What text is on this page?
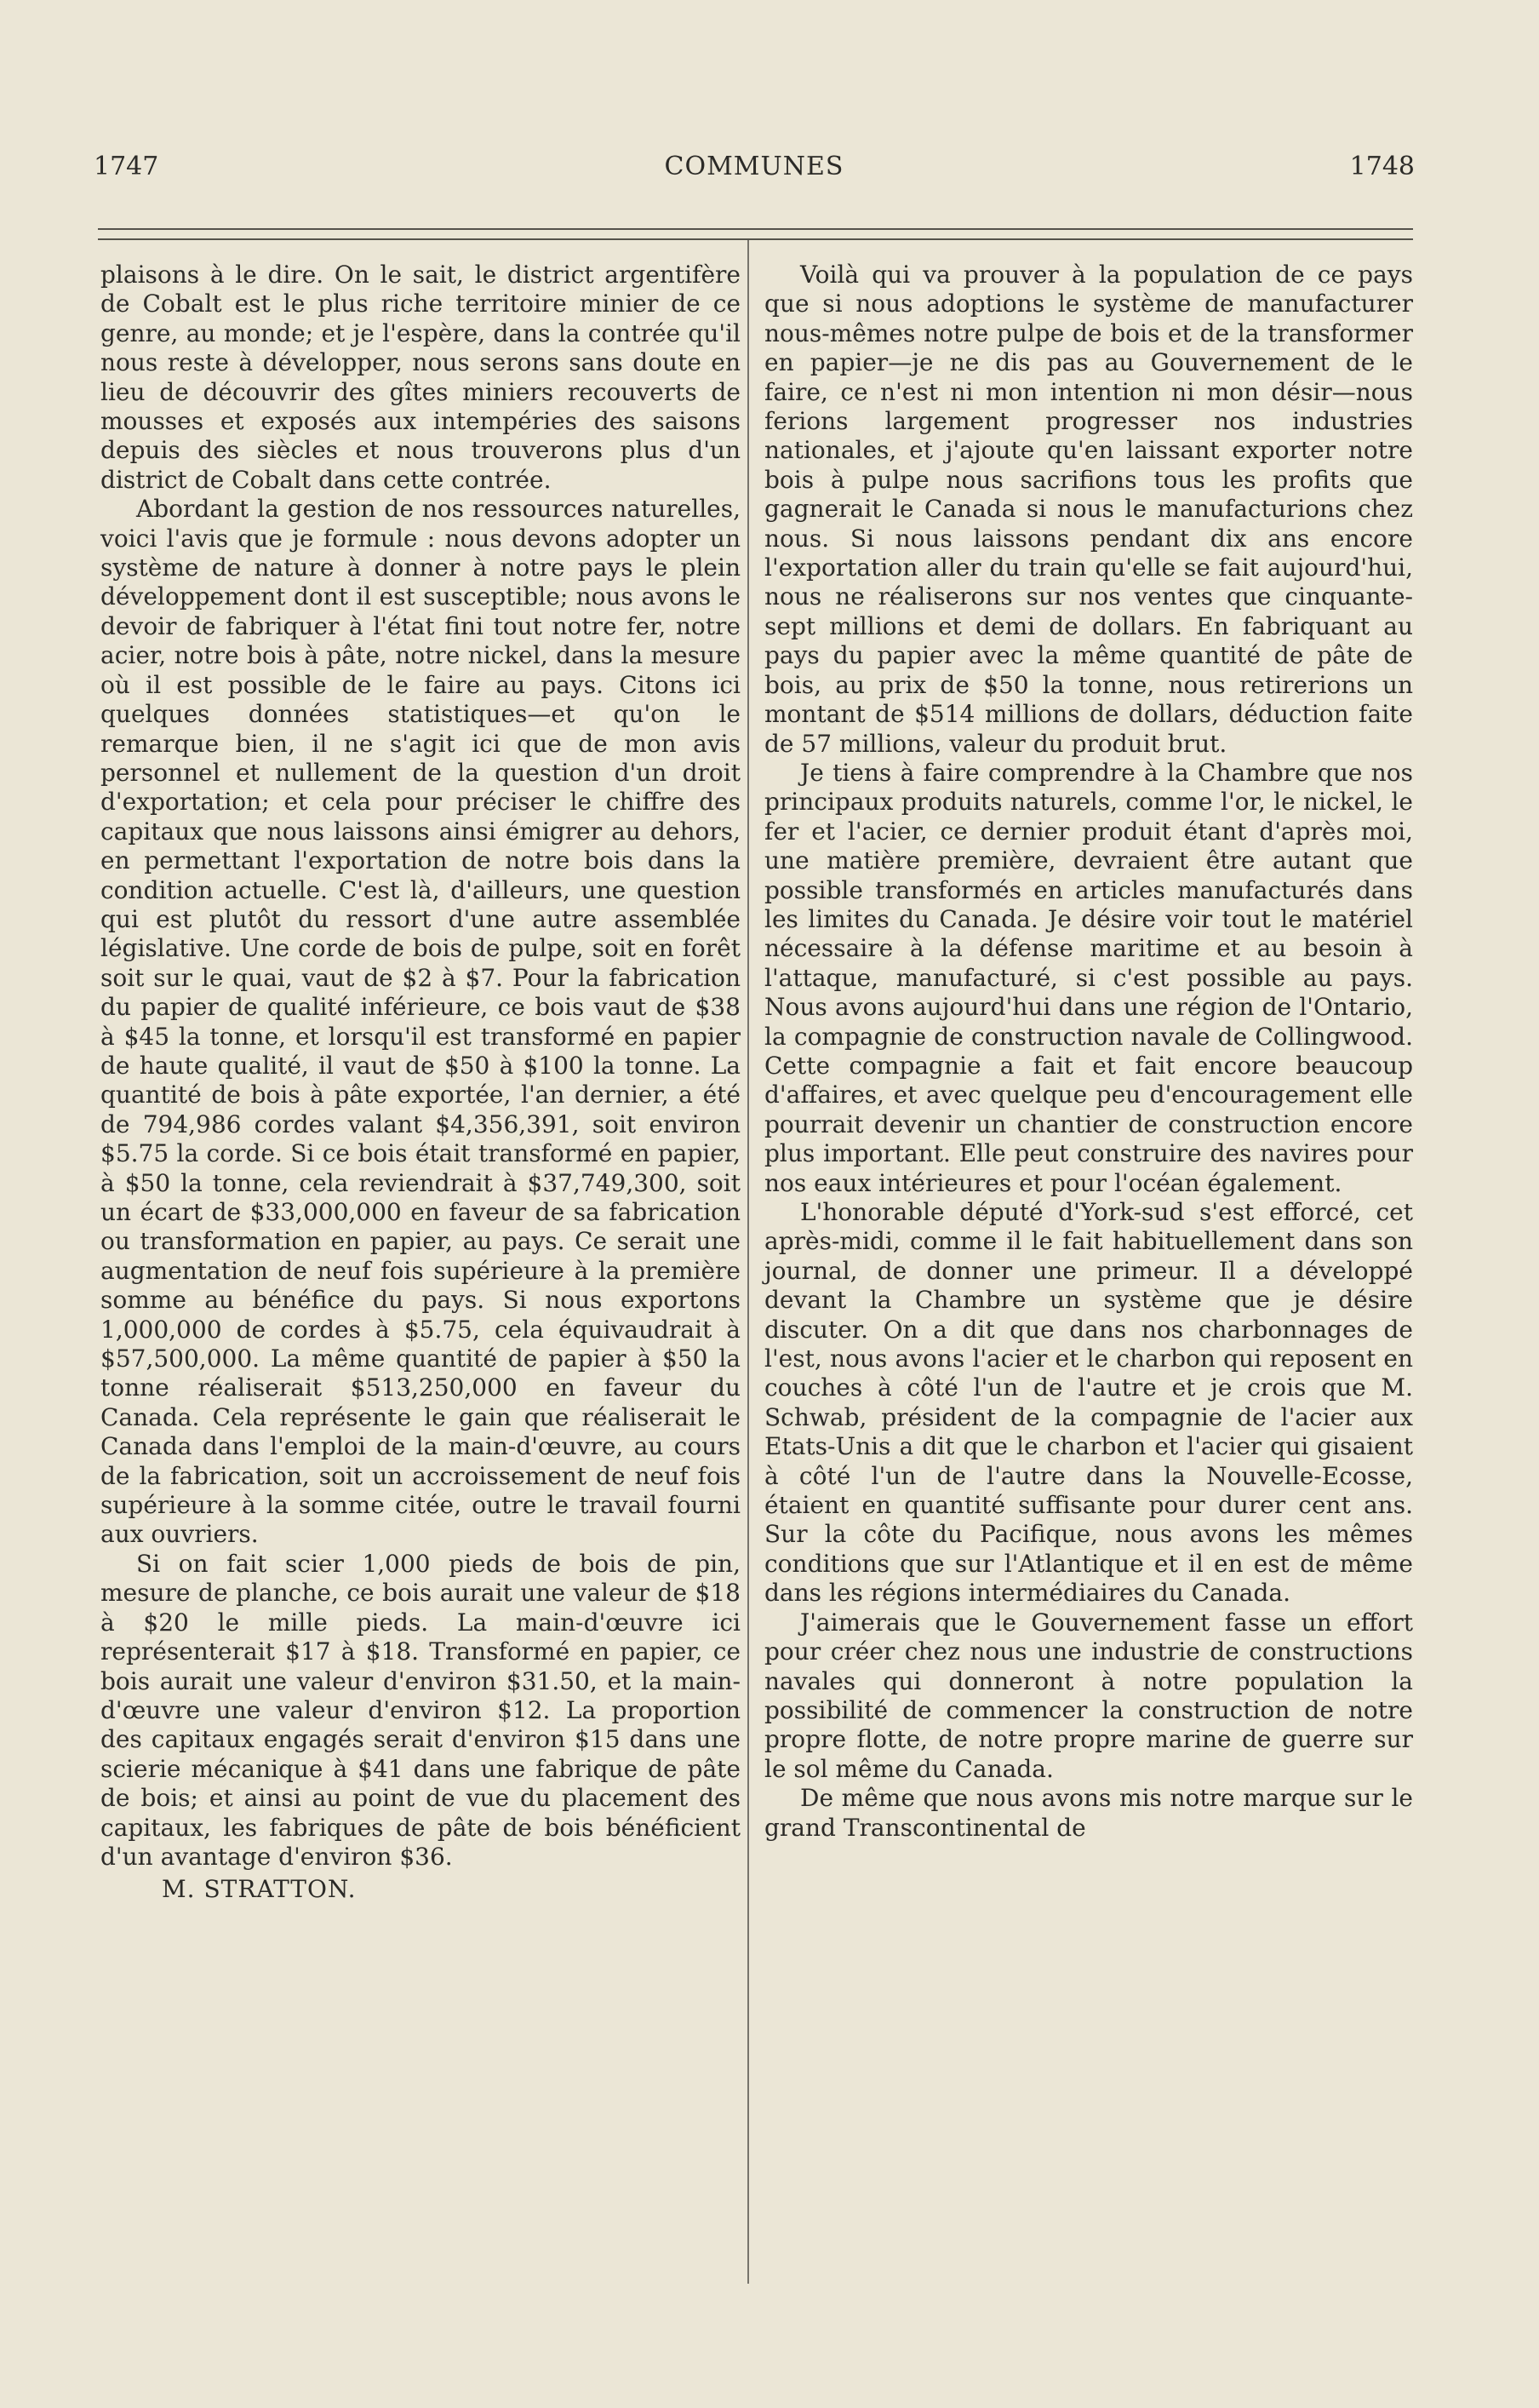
1747	COMMUNES	1748

plaisons à le dire. On le sait, le district argentifère de Cobalt est le plus riche territoire minier de ce genre, au monde; et je l'espère, dans la contrée qu'il nous reste à développer, nous serons sans doute en lieu de découvrir des gîtes miniers recouverts de mousses et exposés aux intempéries des saisons depuis des siècles et nous trouverons plus d'un district de Cobalt dans cette contrée.

Abordant la gestion de nos ressources naturelles, voici l'avis que je formule : nous devons adopter un système de nature à donner à notre pays le plein développement dont il est susceptible; nous avons le devoir de fabriquer à l'état fini tout notre fer, notre acier, notre bois à pâte, notre nickel, dans la mesure où il est possible de le faire au pays. Citons ici quelques données statistiques—et qu'on le remarque bien, il ne s'agit ici que de mon avis personnel et nullement de la question d'un droit d'exportation; et cela pour préciser le chiffre des capitaux que nous laissons ainsi émigrer au dehors, en permettant l'exportation de notre bois dans la condition actuelle. C'est là, d'ailleurs, une question qui est plutôt du ressort d'une autre assemblée législative. Une corde de bois de pulpe, soit en forêt soit sur le quai, vaut de $2 à $7. Pour la fabrication du papier de qualité inférieure, ce bois vaut de $38 à $45 la tonne, et lorsqu'il est transformé en papier de haute qualité, il vaut de $50 à $100 la tonne. La quantité de bois à pâte exportée, l'an dernier, a été de 794,986 cordes valant $4,356,391, soit environ $5.75 la corde. Si ce bois était transformé en papier, à $50 la tonne, cela reviendrait à $37,749,300, soit un écart de $33,000,000 en faveur de sa fabrication ou transformation en papier, au pays. Ce serait une augmentation de neuf fois supérieure à la première somme au bénéfice du pays. Si nous exportons 1,000,000 de cordes à $5.75, cela équivaudrait à $57,500,000. La même quantité de papier à $50 la tonne réaliserait $513,250,000 en faveur du Canada. Cela représente le gain que réaliserait le Canada dans l'emploi de la main-d'œuvre, au cours de la fabrication, soit un accroissement de neuf fois supérieure à la somme citée, outre le travail fourni aux ouvriers.

Si on fait scier 1,000 pieds de bois de pin, mesure de planche, ce bois aurait une valeur de $18 à $20 le mille pieds. La main-d'œuvre ici représenterait $17 à $18. Transformé en papier, ce bois aurait une valeur d'environ $31.50, et la main-d'œuvre une valeur d'environ $12. La proportion des capitaux engagés serait d'environ $15 dans une scierie mécanique à $41 dans une fabrique de pâte de bois; et ainsi au point de vue du placement des capitaux, les fabriques de pâte de bois bénéficient d'un avantage d'environ $36.

M. STRATTON.

Voilà qui va prouver à la population de ce pays que si nous adoptions le système de manufacturer nous-mêmes notre pulpe de bois et de la transformer en papier—je ne dis pas au Gouvernement de le faire, ce n'est ni mon intention ni mon désir—nous ferions largement progresser nos industries nationales, et j'ajoute qu'en laissant exporter notre bois à pulpe nous sacrifions tous les profits que gagnerait le Canada si nous le manufacturions chez nous. Si nous laissons pendant dix ans encore l'exportation aller du train qu'elle se fait aujourd'hui, nous ne réaliserons sur nos ventes que cinquante-sept millions et demi de dollars. En fabriquant au pays du papier avec la même quantité de pâte de bois, au prix de $50 la tonne, nous retirerions un montant de $514 millions de dollars, déduction faite de 57 millions, valeur du produit brut.

Je tiens à faire comprendre à la Chambre que nos principaux produits naturels, comme l'or, le nickel, le fer et l'acier, ce dernier produit étant d'après moi, une matière première, devraient être autant que possible transformés en articles manufacturés dans les limites du Canada. Je désire voir tout le matériel nécessaire à la défense maritime et au besoin à l'attaque, manufacturé, si c'est possible au pays. Nous avons aujourd'hui dans une région de l'Ontario, la compagnie de construction navale de Collingwood. Cette compagnie a fait et fait encore beaucoup d'affaires, et avec quelque peu d'encouragement elle pourrait devenir un chantier de construction encore plus important. Elle peut construire des navires pour nos eaux intérieures et pour l'océan également.

L'honorable député d'York-sud s'est efforcé, cet après-midi, comme il le fait habituellement dans son journal, de donner une primeur. Il a développé devant la Chambre un système que je désire discuter. On a dit que dans nos charbonnages de l'est, nous avons l'acier et le charbon qui reposent en couches à côté l'un de l'autre et je crois que M. Schwab, président de la compagnie de l'acier aux Etats-Unis a dit que le charbon et l'acier qui gisaient à côté l'un de l'autre dans la Nouvelle-Ecosse, étaient en quantité suffisante pour durer cent ans. Sur la côte du Pacifique, nous avons les mêmes conditions que sur l'Atlantique et il en est de même dans les régions intermédiaires du Canada.

J'aimerais que le Gouvernement fasse un effort pour créer chez nous une industrie de constructions navales qui donneront à notre population la possibilité de commencer la construction de notre propre flotte, de notre propre marine de guerre sur le sol même du Canada.

De même que nous avons mis notre marque sur le grand Transcontinental de
